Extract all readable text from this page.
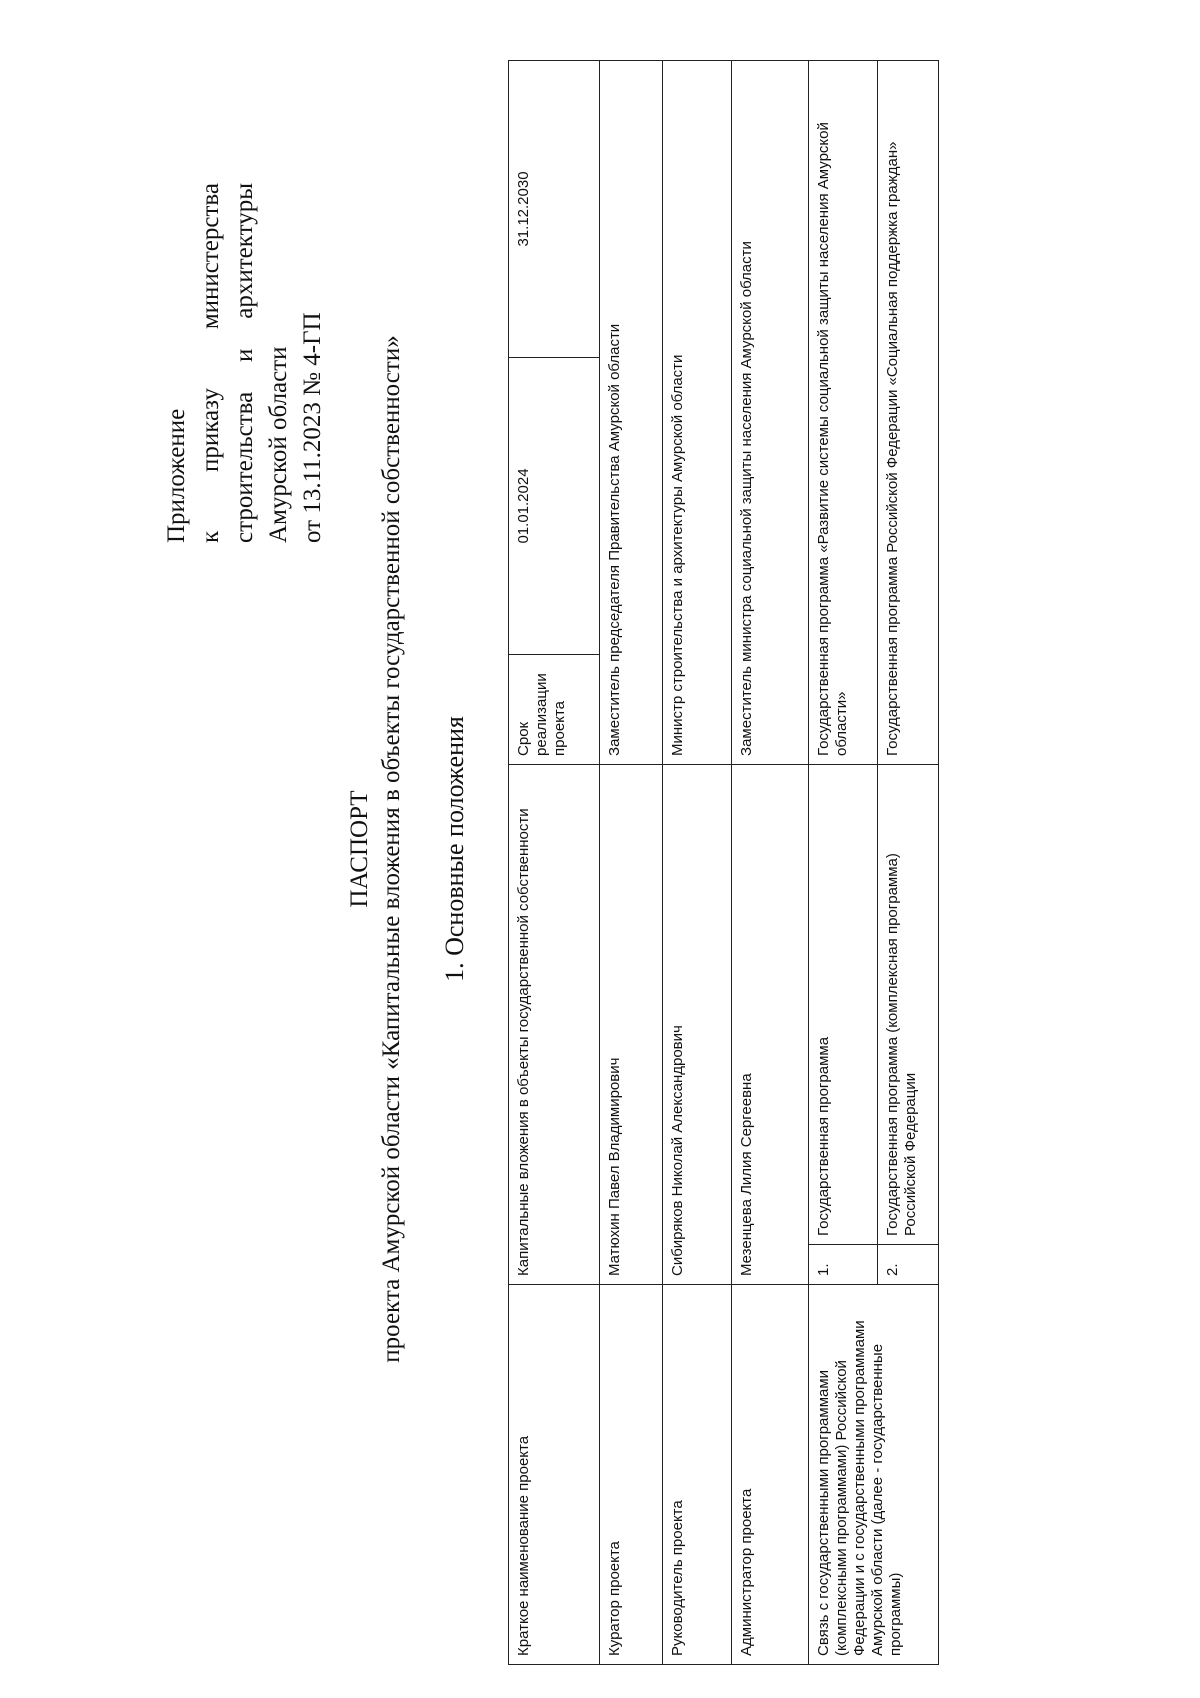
Приложение к
приказу
министерства
строительства
и
архитектуры
Амурской области от 13.11.2023 № 4-ГП
ПАСПОРТ проекта Амурской области «Капитальные вложения в объекты государственной собственности» 1. Основные положения
Краткое наименование проекта	Капитальные вложения в объекты государственной собственности		Срок реализации проекта	01.01.2024	31.12.2030
Куратор проекта	Матюхин Павел Владимирович		Заместитель председателя Правительства Амурской области		
Руководитель проекта	Сибиряков Николай Александрович		Министр строительства и архитектуры Амурской области		
Администратор проекта	Мезенцева Лилия Сергеевна		Заместитель министра социальной защиты населения Амурской области		
Связь с государственными программами (комплексными программами) Российской Федерации и с государственными программами Амурской области (далее - государственные программы)	1.	Государственная программа	Государственная программа «Развитие системы социальной защиты населения Амурской области»		
	2.	Государственная программа (комплексная программа) Российской Федерации	Государственная программа Российской Федерации «Социальная поддержка граждан»		
